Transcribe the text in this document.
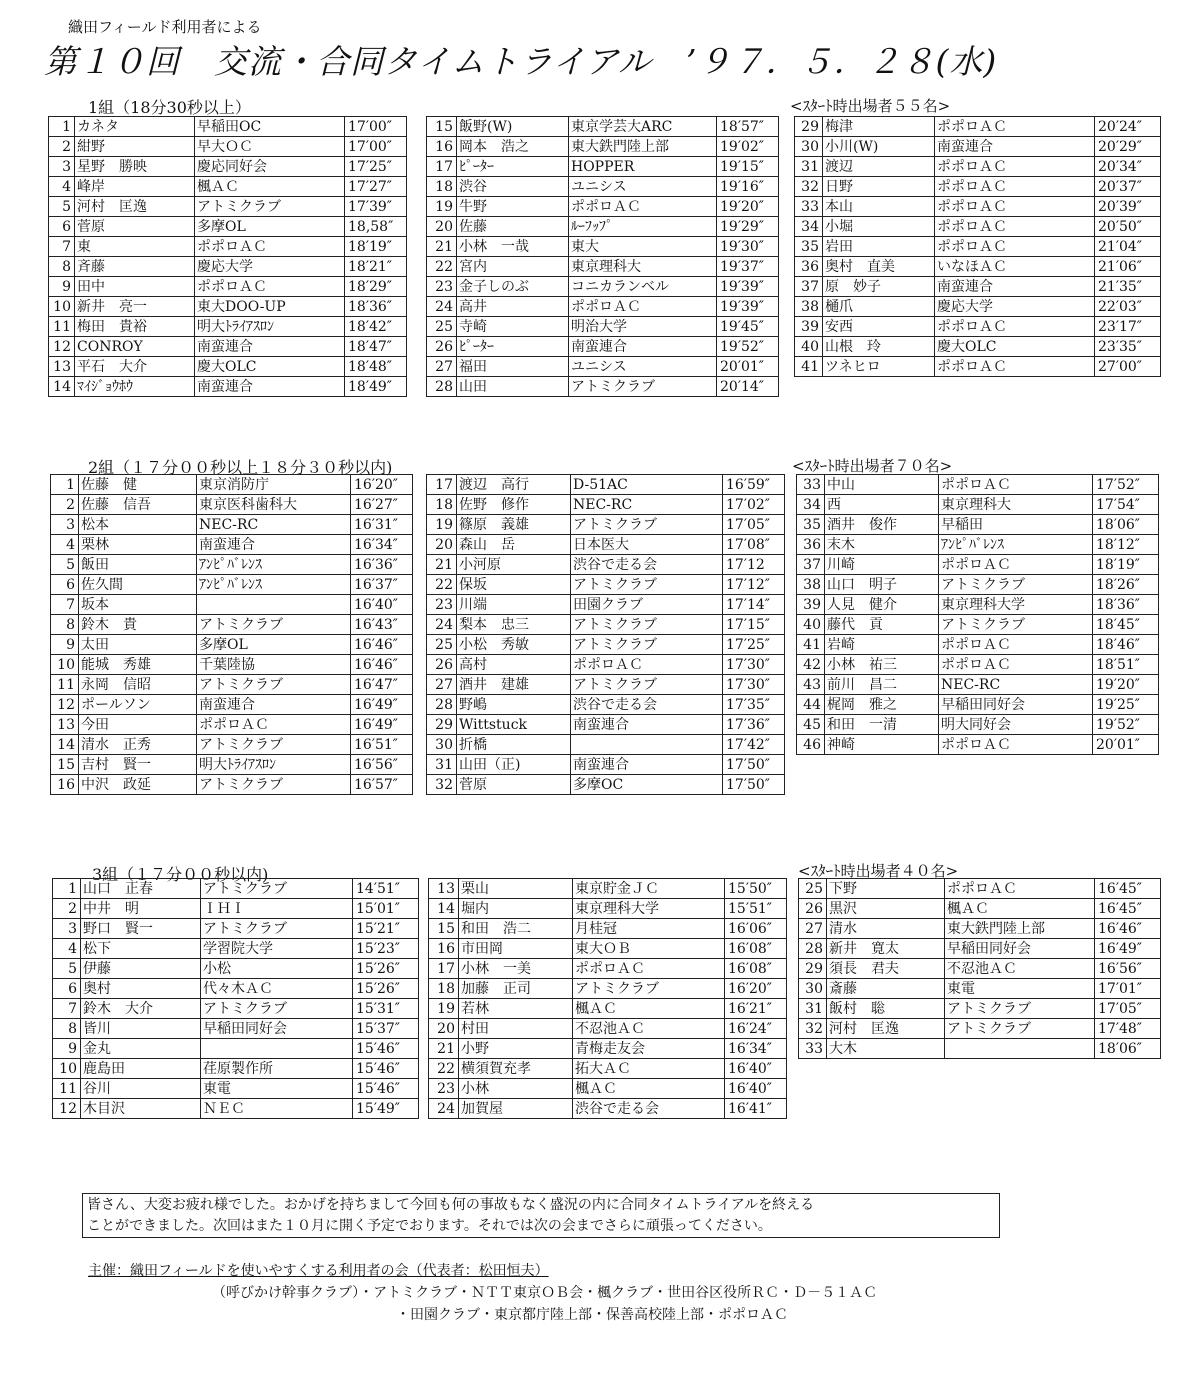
織田フィールド利用者による
第１０回　交流・合同タイムトライアル　’９７．５．２８(水)
1組（18分30秒以上）	<ｽﾀｰﾄ時出場者５５名>
2組（１７分００秒以上１８分３０秒以内)	<ｽﾀｰﾄ時出場者７０名>
3組（１７分００秒以内)	<ｽﾀｰﾄ時出場者４０名>
1	カネタ	早稲田OC	17′00″
2	紺野	早大ＯＣ	17′00″
3	星野　勝映	慶応同好会	17′25″
4	峰岸	楓ＡＣ	17′27″
5	河村　匡逸	アトミクラブ	17′39″
6	菅原	多摩OL	18,58″
7	東	ポポロＡＣ	18′19″
8	斉藤	慶応大学	18′21″
9	田中	ポポロＡＣ	18′29″
10	新井　亮一	東大DOO-UP	18′36″
11	梅田　貴裕	明大ﾄﾗｲｱｽﾛﾝ	18′42″
12	CONROY	南蛮連合	18′47″
13	平石　大介	慶大OLC	18′48″
14	ﾏｲｼﾞｮｳﾎｳ	南蛮連合	18′49″
15	飯野(W)	東京学芸大ARC	18′57″
16	岡本　浩之	東大鉄門陸上部	19′02″
17	ﾋﾟｰﾀｰ	HOPPER	19′15″
18	渋谷	ユニシス	19′16″
19	牛野	ポポロＡＣ	19′20″
20	佐藤	ﾙｰﾌｯﾌﾟ	19′29″
21	小林　一哉	東大	19′30″
22	宮内	東京理科大	19′37″
23	金子しのぶ	コニカランベル	19′39″
24	高井	ポポロＡＣ	19′39″
25	寺崎	明治大学	19′45″
26	ﾋﾟｰﾀｰ	南蛮連合	19′52″
27	福田	ユニシス	20′01″
28	山田	アトミクラブ	20′14″
29	梅津	ポポロＡＣ	20′24″
30	小川(W)	南蛮連合	20′29″
31	渡辺	ポポロＡＣ	20′34″
32	日野	ポポロＡＣ	20′37″
33	本山	ポポロＡＣ	20′39″
34	小堀	ポポロＡＣ	20′50″
35	岩田	ポポロＡＣ	21′04″
36	奥村　直美	いなほＡＣ	21′06″
37	原　妙子	南蛮連合	21′35″
38	樋爪	慶応大学	22′03″
39	安西	ポポロＡＣ	23′17″
40	山根　玲	慶大OLC	23′35″
41	ツネヒロ	ポポロＡＣ	27′00″
1	佐藤　健	東京消防庁	16′20″
2	佐藤　信吾	東京医科歯科大	16′27″
3	松本	NEC-RC	16′31″
4	栗林	南蛮連合	16′34″
5	飯田	ｱﾝﾋﾟﾊﾞﾚﾝｽ	16′36″
6	佐久間	ｱﾝﾋﾟﾊﾞﾚﾝｽ	16′37″
7	坂本		16′40″
8	鈴木　貴	アトミクラブ	16′43″
9	太田	多摩OL	16′46″
10	能城　秀雄	千葉陸協	16′46″
11	永岡　信昭	アトミクラブ	16′47″
12	ポールソン	南蛮連合	16′49″
13	今田	ポポロＡＣ	16′49″
14	清水　正秀	アトミクラブ	16′51″
15	吉村　賢一	明大ﾄﾗｲｱｽﾛﾝ	16′56″
16	中沢　政延	アトミクラブ	16′57″
17	渡辺　高行	D-51AC	16′59″
18	佐野　修作	NEC-RC	17′02″
19	篠原　義雄	アトミクラブ	17′05″
20	森山　岳	日本医大	17′08″
21	小河原	渋谷で走る会	17′12
22	保坂	アトミクラブ	17′12″
23	川端	田園クラブ	17′14″
24	梨本　忠三	アトミクラブ	17′15″
25	小松　秀敏	アトミクラブ	17′25″
26	高村	ポポロＡＣ	17′30″
27	酒井　建雄	アトミクラブ	17′30″
28	野嶋	渋谷で走る会	17′35″
29	Wittstuck	南蛮連合	17′36″
30	折橋		17′42″
31	山田（正)	南蛮連合	17′50″
32	菅原	多摩OC	17′50″
33	中山	ポポロＡＣ	17′52″
34	西	東京理科大	17′54″
35	酒井　俊作	早稲田	18′06″
36	末木	ｱﾝﾋﾟﾊﾞﾚﾝｽ	18′12″
37	川崎	ポポロＡＣ	18′19″
38	山口　明子	アトミクラブ	18′26″
39	人見　健介	東京理科大学	18′36″
40	藤代　貢	アトミクラブ	18′45″
41	岩崎	ポポロＡＣ	18′46″
42	小林　祐三	ポポロＡＣ	18′51″
43	前川　昌二	NEC-RC	19′20″
44	梶岡　雅之	早稲田同好会	19′25″
45	和田　一清	明大同好会	19′52″
46	神崎	ポポロＡＣ	20′01″
1	山口　正春	アトミクラブ	14′51″
2	中井　明	ＩＨＩ	15′01″
3	野口　賢一	アトミクラブ	15′21″
4	松下	学習院大学	15′23″
5	伊藤	小松	15′26″
6	奥村	代々木ＡＣ	15′26″
7	鈴木　大介	アトミクラブ	15′31″
8	皆川	早稲田同好会	15′37″
9	金丸		15′46″
10	鹿島田	荏原製作所	15′46″
11	谷川	東電	15′46″
12	木目沢	ＮＥＣ	15′49″
13	栗山	東京貯金ＪＣ	15′50″
14	堀内	東京理科大学	15′51″
15	和田　浩二	月桂冠	16′06″
16	市田岡	東大ＯＢ	16′08″
17	小林　一美	ポポロＡＣ	16′08″
18	加藤　正司	アトミクラブ	16′20″
19	若林	楓ＡＣ	16′21″
20	村田	不忍池ＡＣ	16′24″
21	小野	青梅走友会	16′34″
22	横須賀充孝	拓大ＡＣ	16′40″
23	小林	楓ＡＣ	16′40″
24	加賀屋	渋谷で走る会	16′41″
25	下野	ポポロＡＣ	16′45″
26	黒沢	楓ＡＣ	16′45″
27	清水	東大鉄門陸上部	16′46″
28	新井　寛太	早稲田同好会	16′49″
29	須長　君夫	不忍池ＡＣ	16′56″
30	斎藤	東電	17′01″
31	飯村　聡	アトミクラブ	17′05″
32	河村　匡逸	アトミクラブ	17′48″
33	大木		18′06″
皆さん、大変お疲れ様でした。おかげを持ちまして今回も何の事故もなく盛況の内に合同タイムトライアルを終える
ことができました。次回はまた１０月に開く予定でおります。それでは次の会までさらに頑張ってください。
主催：織田フィールドを使いやすくする利用者の会（代表者：松田恒夫）
（呼びかけ幹事クラブ）・アトミクラブ・ＮＴＴ東京ＯＢ会・楓クラブ・世田谷区役所ＲＣ・Ｄ－５１ＡＣ
・田園クラブ・東京都庁陸上部・保善高校陸上部・ポポロＡＣ
